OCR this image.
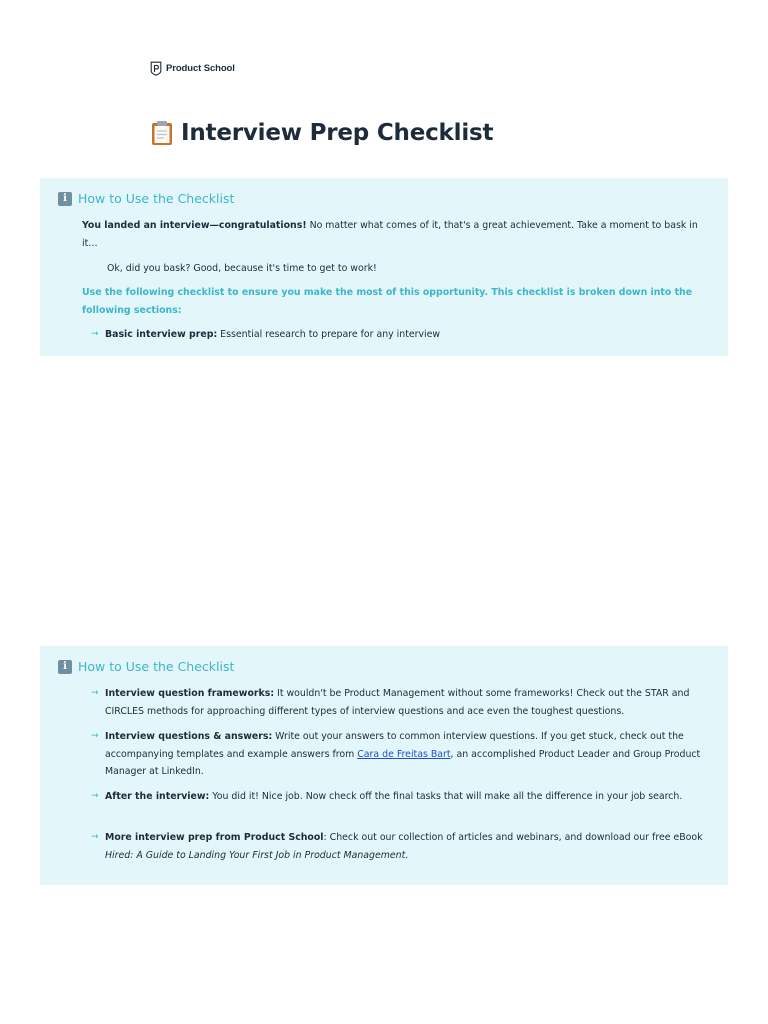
Product School
Interview Prep Checklist
i How to Use the Checklist

You landed an interview—congratulations! No matter what comes of it, that's a great achievement. Take a moment to bask in it…

Ok, did you bask? Good, because it's time to get to work!

Use the following checklist to ensure you make the most of this opportunity. This checklist is broken down into the following sections:

→ Basic interview prep: Essential research to prepare for any interview

i How to Use the Checklist

→ Interview question frameworks: It wouldn't be Product Management without some frameworks! Check out the STAR and CIRCLES methods for approaching different types of interview questions and ace even the toughest questions.

→ Interview questions & answers: Write out your answers to common interview questions. If you get stuck, check out the accompanying templates and example answers from Cara de Freitas Bart, an accomplished Product Leader and Group Product Manager at LinkedIn.

→ After the interview: You did it! Nice job. Now check off the final tasks that will make all the difference in your job search.

→ More interview prep from Product School: Check out our collection of articles and webinars, and download our free eBook Hired: A Guide to Landing Your First Job in Product Management.
